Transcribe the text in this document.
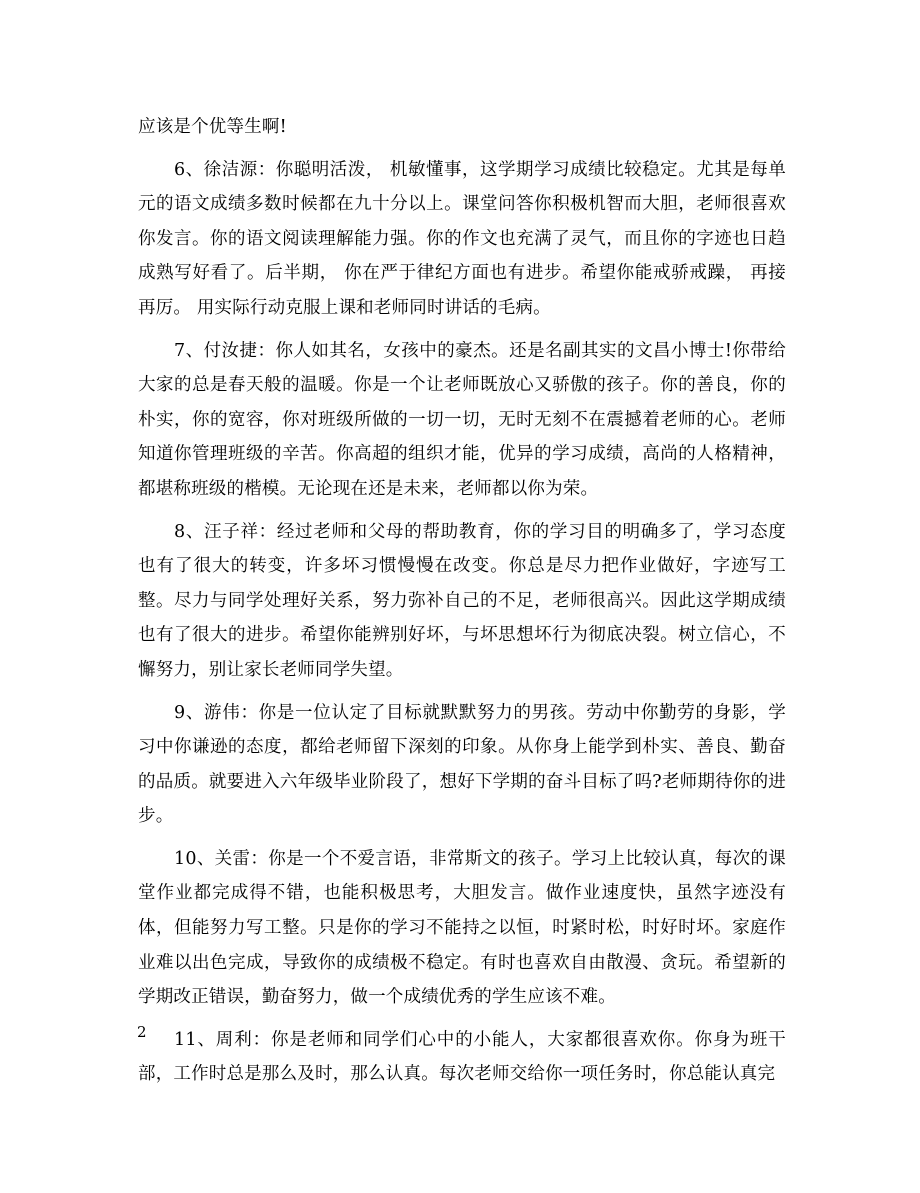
应该是个优等生啊!

6、徐洁源：你聪明活泼， 机敏懂事，这学期学习成绩比较稳定。尤其是每单元的语文成绩多数时候都在九十分以上。课堂问答你积极机智而大胆，老师很喜欢你发言。你的语文阅读理解能力强。你的作文也充满了灵气，而且你的字迹也日趋成熟写好看了。后半期， 你在严于律纪方面也有进步。希望你能戒骄戒躁， 再接再厉。 用实际行动克服上课和老师同时讲话的毛病。

7、付汝捷：你人如其名，女孩中的豪杰。还是名副其实的文昌小博士!你带给大家的总是春天般的温暖。你是一个让老师既放心又骄傲的孩子。你的善良，你的朴实，你的宽容，你对班级所做的一切一切，无时无刻不在震撼着老师的心。老师知道你管理班级的辛苦。你高超的组织才能，优异的学习成绩，高尚的人格精神，都堪称班级的楷模。无论现在还是未来，老师都以你为荣。

8、汪子祥：经过老师和父母的帮助教育，你的学习目的明确多了，学习态度也有了很大的转变，许多坏习惯慢慢在改变。你总是尽力把作业做好，字迹写工整。尽力与同学处理好关系，努力弥补自己的不足，老师很高兴。因此这学期成绩也有了很大的进步。希望你能辨别好坏，与坏思想坏行为彻底决裂。树立信心，不懈努力，别让家长老师同学失望。

9、游伟：你是一位认定了目标就默默努力的男孩。劳动中你勤劳的身影，学习中你谦逊的态度，都给老师留下深刻的印象。从你身上能学到朴实、善良、勤奋的品质。就要进入六年级毕业阶段了，想好下学期的奋斗目标了吗?老师期待你的进步。

10、关雷：你是一个不爱言语，非常斯文的孩子。学习上比较认真，每次的课堂作业都完成得不错，也能积极思考，大胆发言。做作业速度快，虽然字迹没有体，但能努力写工整。只是你的学习不能持之以恒，时紧时松，时好时坏。家庭作业难以出色完成，导致你的成绩极不稳定。有时也喜欢自由散漫、贪玩。希望新的学期改正错误，勤奋努力，做一个成绩优秀的学生应该不难。

11、周利：你是老师和同学们心中的小能人，大家都很喜欢你。你身为班干部，工作时总是那么及时，那么认真。每次老师交给你一项任务时，你总能认真完

2
